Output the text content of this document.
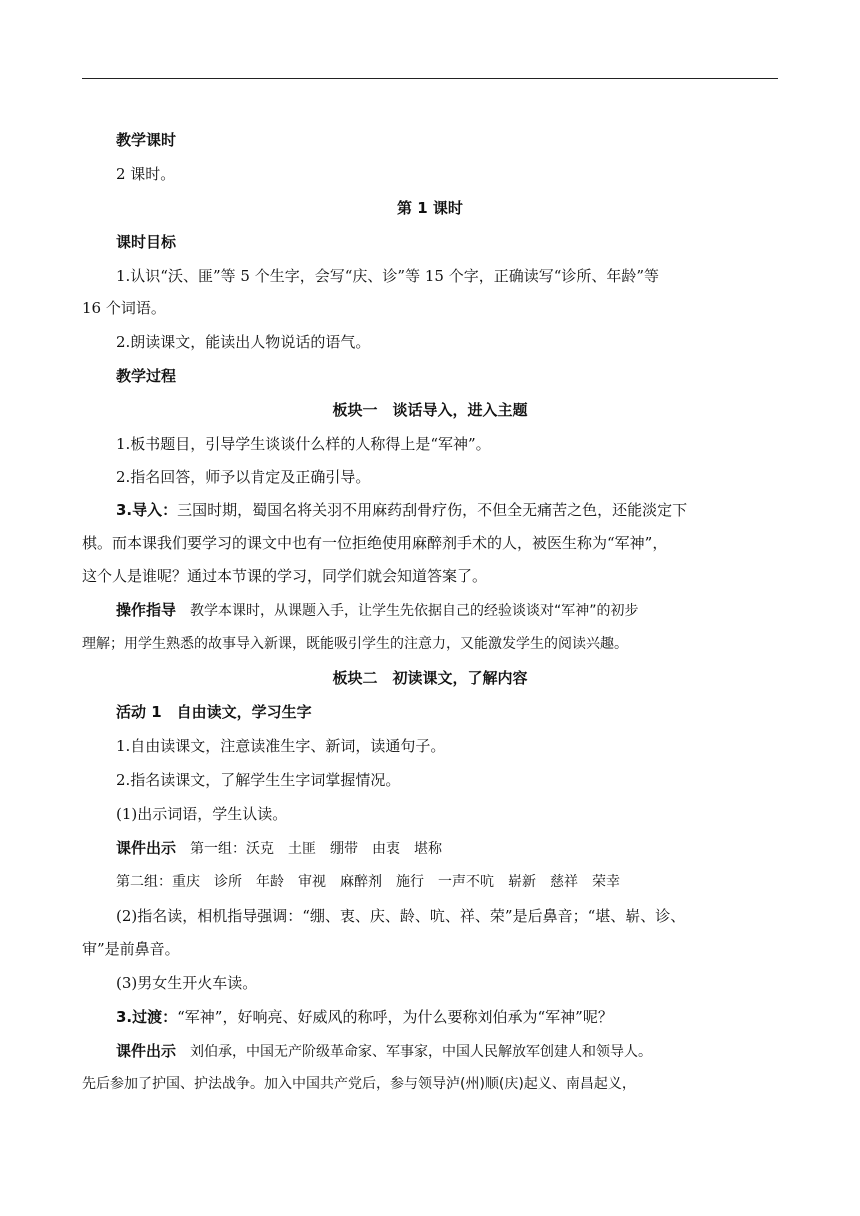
教学课时
2 课时。
第 1 课时
课时目标
1.认识“沃、匪”等 5 个生字，会写“庆、诊”等 15 个字，正确读写“诊所、年龄”等
16 个词语。
2.朗读课文，能读出人物说话的语气。
教学过程
板块一　谈话导入，进入主题
1.板书题目，引导学生谈谈什么样的人称得上是“军神”。
2.指名回答，师予以肯定及正确引导。
3.导入：三国时期，蜀国名将关羽不用麻药刮骨疗伤，不但全无痛苦之色，还能淡定下
棋。而本课我们要学习的课文中也有一位拒绝使用麻醉剂手术的人，被医生称为“军神”，
这个人是谁呢？通过本节课的学习，同学们就会知道答案了。
操作指导 教学本课时，从课题入手，让学生先依据自己的经验谈谈对“军神”的初步
理解；用学生熟悉的故事导入新课，既能吸引学生的注意力，又能激发学生的阅读兴趣。
板块二　初读课文，了解内容
活动 1　自由读文，学习生字
1.自由读课文，注意读准生字、新词，读通句子。
2.指名读课文，了解学生生字词掌握情况。
(1)出示词语，学生认读。
课件出示 第一组：沃克　土匪　绷带　由衷　堪称
第二组：重庆　诊所　年龄　审视　麻醉剂　施行　一声不吭　崭新　慈祥　荣幸
(2)指名读，相机指导强调：“绷、衷、庆、龄、吭、祥、荣”是后鼻音；“堪、崭、诊、
审”是前鼻音。
(3)男女生开火车读。
3.过渡：“军神”，好响亮、好威风的称呼，为什么要称刘伯承为“军神”呢？
课件出示 刘伯承，中国无产阶级革命家、军事家，中国人民解放军创建人和领导人。
先后参加了护国、护法战争。加入中国共产党后，参与领导泸(州)顺(庆)起义、南昌起义，
